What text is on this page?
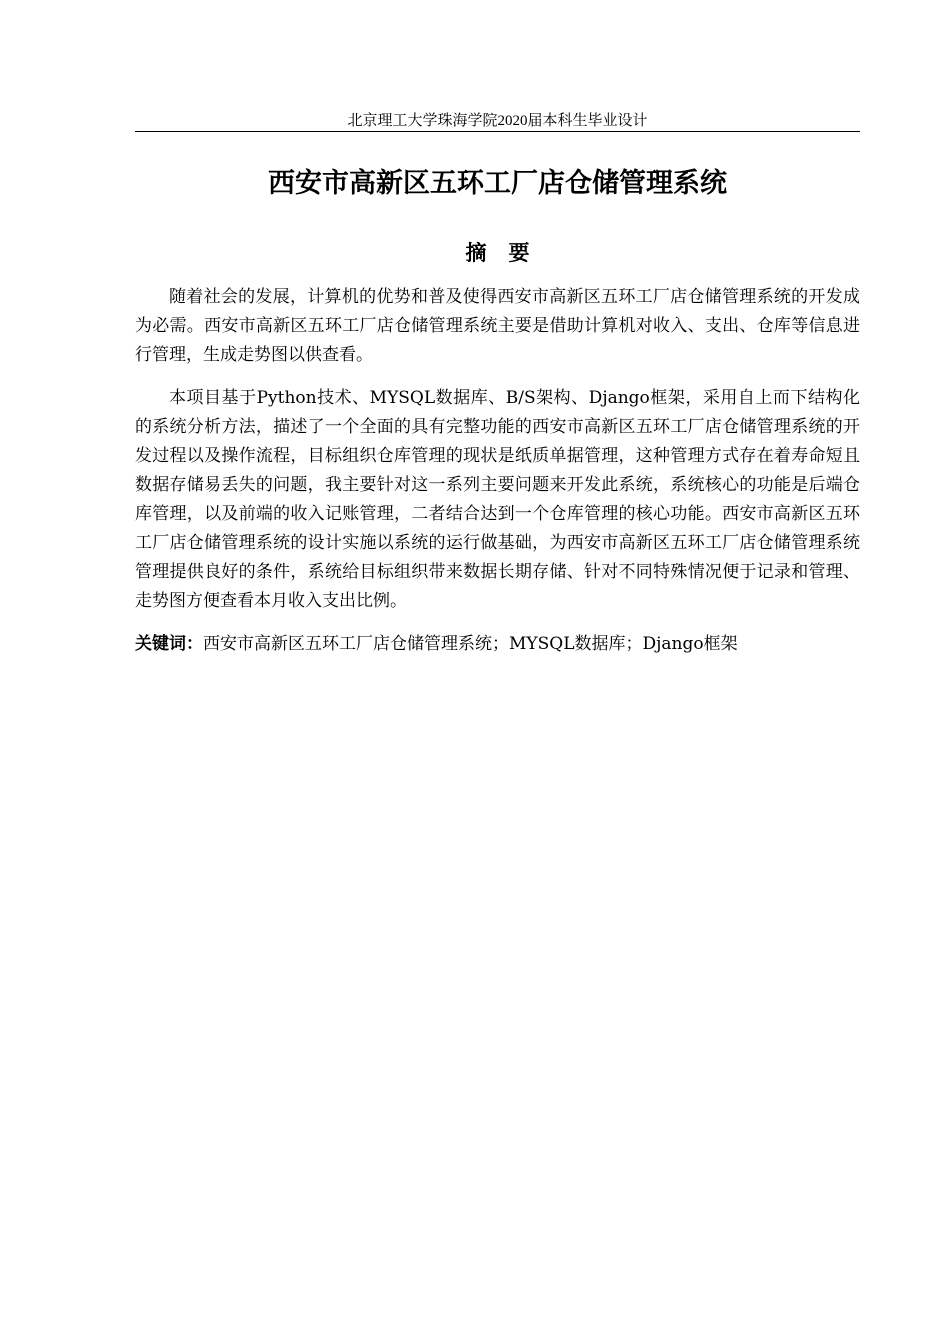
北京理工大学珠海学院2020届本科生毕业设计
西安市高新区五环工厂店仓储管理系统
摘要

随着社会的发展，计算机的优势和普及使得西安市高新区五环工厂店仓储管理系统的开发成为必需。西安市高新区五环工厂店仓储管理系统主要是借助计算机对收入、支出、仓库等信息进行管理，生成走势图以供查看。

本项目基于Python技术、MYSQL数据库、B/S架构、Django框架，采用自上而下结构化的系统分析方法，描述了一个全面的具有完整功能的西安市高新区五环工厂店仓储管理系统的开发过程以及操作流程，目标组织仓库管理的现状是纸质单据管理，这种管理方式存在着寿命短且数据存储易丢失的问题，我主要针对这一系列主要问题来开发此系统，系统核心的功能是后端仓库管理，以及前端的收入记账管理，二者结合达到一个仓库管理的核心功能。西安市高新区五环工厂店仓储管理系统的设计实施以系统的运行做基础，为西安市高新区五环工厂店仓储管理系统管理提供良好的条件，系统给目标组织带来数据长期存储、针对不同特殊情况便于记录和管理、走势图方便查看本月收入支出比例。

关键词：西安市高新区五环工厂店仓储管理系统；MYSQL数据库；Django框架
